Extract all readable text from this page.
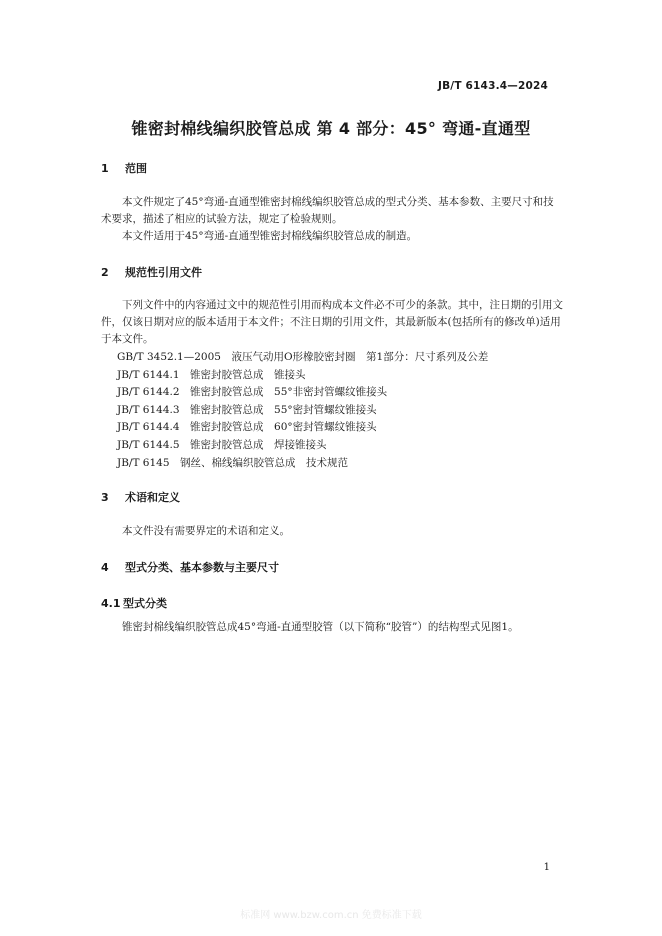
JB/T 6143.4—2024
锥密封棉线编织胶管总成 第 4 部分：45° 弯通-直通型
1 范围

本文件规定了45°弯通-直通型锥密封棉线编织胶管总成的型式分类、基本参数、主要尺寸和技术要求，描述了相应的试验方法，规定了检验规则。

本文件适用于45°弯通-直通型锥密封棉线编织胶管总成的制造。

2 规范性引用文件

下列文件中的内容通过文中的规范性引用而构成本文件必不可少的条款。其中，注日期的引用文件，仅该日期对应的版本适用于本文件；不注日期的引用文件，其最新版本(包括所有的修改单)适用于本文件。

GB/T 3452.1—2005　液压气动用O形橡胶密封圈　第1部分：尺寸系列及公差
JB/T 6144.1　锥密封胶管总成　锥接头
JB/T 6144.2　锥密封胶管总成　55°非密封管螺纹锥接头
JB/T 6144.3　锥密封胶管总成　55°密封管螺纹锥接头
JB/T 6144.4　锥密封胶管总成　60°密封管螺纹锥接头
JB/T 6144.5　锥密封胶管总成　焊接锥接头
JB/T 6145　钢丝、棉线编织胶管总成　技术规范
3 术语和定义

本文件没有需要界定的术语和定义。

4 型式分类、基本参数与主要尺寸
4.1 型式分类

锥密封棉线编织胶管总成45°弯通-直通型胶管（以下简称“胶管”）的结构型式见图1。

1
标准网 www.bzw.com.cn 免费标准下载
